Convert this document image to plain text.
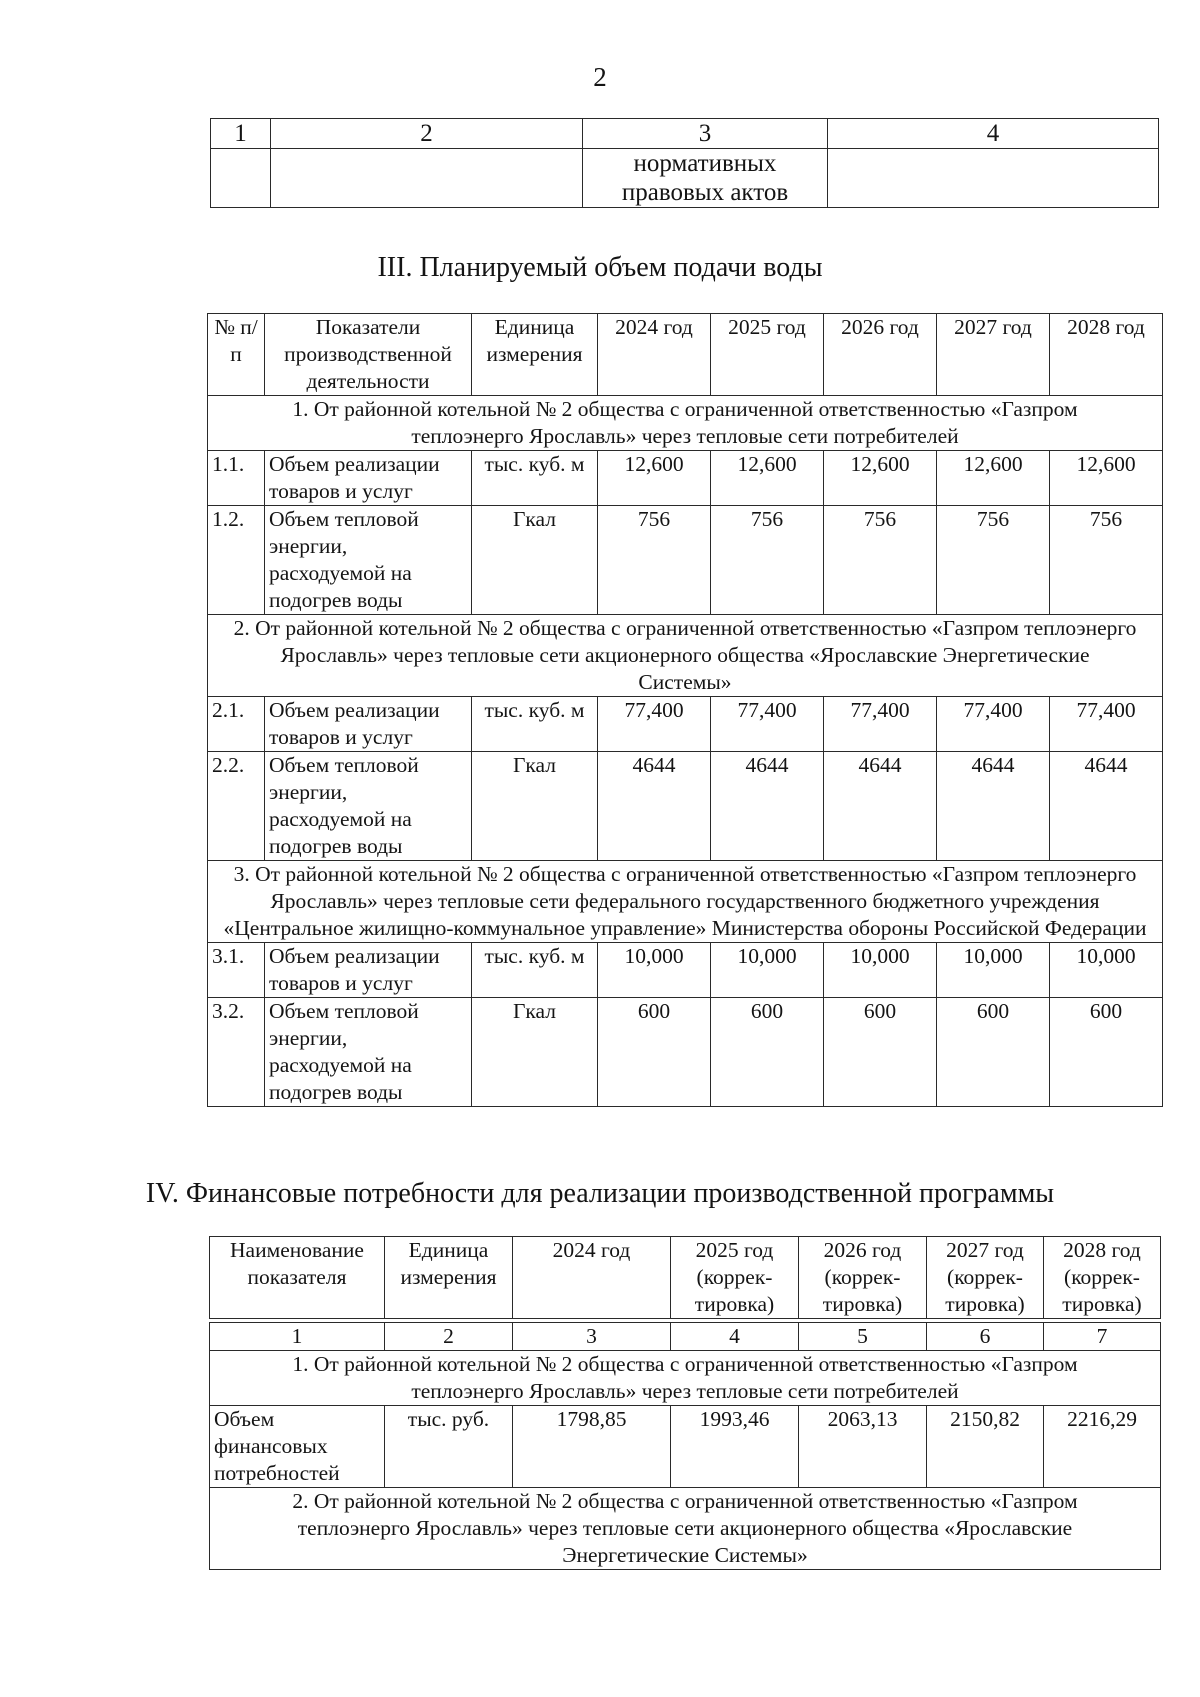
2
1	2	3	4
		нормативных правовых актов	
III. Планируемый объем подачи воды
№ п/п	Показатели производственной деятельности	Единица измерения	2024 год	2025 год	2026 год	2027 год	2028 год
1. От районной котельной № 2 общества с ограниченной ответственностью «Газпром теплоэнерго Ярославль» через тепловые сети потребителей							
1.1.	Объем реализации товаров и услуг	тыс. куб. м	12,600	12,600	12,600	12,600	12,600
1.2.	Объем тепловой энергии, расходуемой на подогрев воды	Гкал	756	756	756	756	756
2. От районной котельной № 2 общества с ограниченной ответственностью «Газпром теплоэнерго Ярославль» через тепловые сети акционерного общества «Ярославские Энергетические Системы»							
2.1.	Объем реализации товаров и услуг	тыс. куб. м	77,400	77,400	77,400	77,400	77,400
2.2.	Объем тепловой энергии, расходуемой на подогрев воды	Гкал	4644	4644	4644	4644	4644
3. От районной котельной № 2 общества с ограниченной ответственностью «Газпром теплоэнерго Ярославль» через тепловые сети федерального государственного бюджетного учреждения «Центральное жилищно-коммунальное управление» Министерства обороны Российской Федерации							
3.1.	Объем реализации товаров и услуг	тыс. куб. м	10,000	10,000	10,000	10,000	10,000
3.2.	Объем тепловой энергии, расходуемой на подогрев воды	Гкал	600	600	600	600	600
IV. Финансовые потребности для реализации производственной программы
Наименование показателя	Единица измерения	2024 год	2025 год (коррек-тировка)	2026 год (коррек-тировка)	2027 год (коррек-тировка)	2028 год (коррек-тировка)

1	2	3	4	5	6	7
1. От районной котельной № 2 общества с ограниченной ответственностью «Газпром теплоэнерго Ярославль» через тепловые сети потребителей						
Объем финансовых потребностей	тыс. руб.	1798,85	1993,46	2063,13	2150,82	2216,29
2. От районной котельной № 2 общества с ограниченной ответственностью «Газпром теплоэнерго Ярославль» через тепловые сети акционерного общества «Ярославские Энергетические Системы»						
